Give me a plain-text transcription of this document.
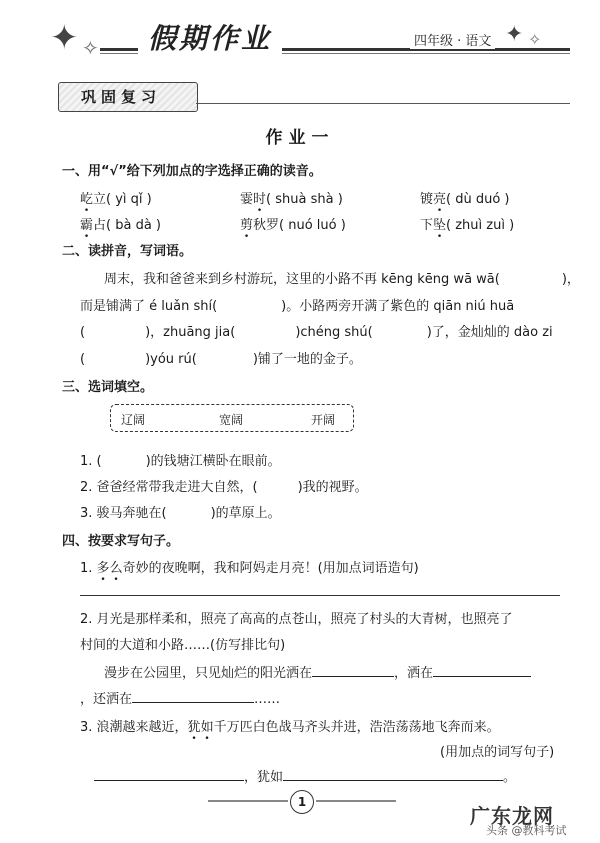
✦ ✧	假期作业	四年级 · 语文 ✦ ✧
巩固复习
作业一
一、用“√”给下列加点的字选择正确的读音。
屹立( yì qǐ )	霎时( shuà shà )	镀亮( dù duó )
霸占( bà dà )	剪秋罗( nuó luó )	下坠( zhuì zuì )
二、读拼音，写词语。
周末，我和爸爸来到乡村游玩，这里的小路不再 kēng kēng wā wā(	)，
而是铺满了 é luǎn shí(	)。小路两旁开满了紫色的 qiān niú huā
(	)，zhuāng jia(	)chéng shú(	)了，金灿灿的 dào zi
(	)yóu rú(	)铺了一地的金子。
三、选词填空。
辽阔	宽阔	开阔
1. (	)的钱塘江横卧在眼前。
2. 爸爸经常带我走进大自然，(	)我的视野。
3. 骏马奔驰在(	)的草原上。
四、按要求写句子。
1. 多么奇妙的夜晚啊，我和阿妈走月亮！(用加点词语造句)
2. 月光是那样柔和，照亮了高高的点苍山，照亮了村头的大青树，也照亮了
村间的大道和小路……(仿写排比句)
漫步在公园里，只见灿烂的阳光洒在	，洒在
，还洒在	……
3. 浪潮越来越近，犹如千万匹白色战马齐头并进，浩浩荡荡地飞奔而来。
(用加点的词写句子)
，犹如	。
1
广东龙网
头条 @教科考试
